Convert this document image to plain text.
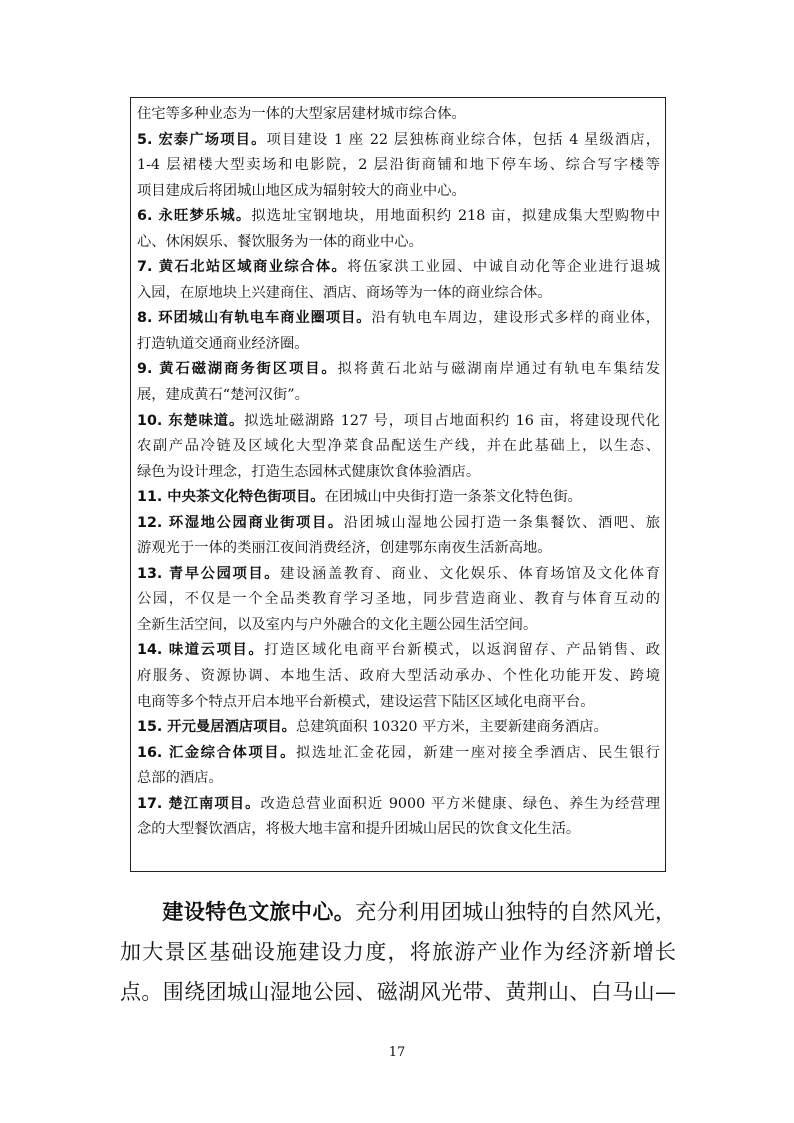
住宅等多种业态为一体的大型家居建材城市综合体。
5. 宏泰广场项目。项目建设 1 座 22 层独栋商业综合体，包括 4 星级酒店，
1-4 层裙楼大型卖场和电影院，2 层沿街商铺和地下停车场、综合写字楼等
项目建成后将团城山地区成为辐射较大的商业中心。
6. 永旺梦乐城。拟选址宝钢地块，用地面积约 218 亩，拟建成集大型购物中
心、休闲娱乐、餐饮服务为一体的商业中心。
7. 黄石北站区域商业综合体。将伍家洪工业园、中诚自动化等企业进行退城
入园，在原地块上兴建商住、酒店、商场等为一体的商业综合体。
8. 环团城山有轨电车商业圈项目。沿有轨电车周边，建设形式多样的商业体，
打造轨道交通商业经济圈。
9. 黄石磁湖商务街区项目。拟将黄石北站与磁湖南岸通过有轨电车集结发
展，建成黄石“楚河汉街”。
10. 东楚味道。拟选址磁湖路 127 号，项目占地面积约 16 亩，将建设现代化
农副产品冷链及区域化大型净菜食品配送生产线，并在此基础上，以生态、
绿色为设计理念，打造生态园林式健康饮食体验酒店。
11. 中央茶文化特色街项目。在团城山中央街打造一条茶文化特色街。
12. 环湿地公园商业街项目。沿团城山湿地公园打造一条集餐饮、酒吧、旅
游观光于一体的类丽江夜间消费经济，创建鄂东南夜生活新高地。
13. 青早公园项目。建设涵盖教育、商业、文化娱乐、体育场馆及文化体育
公园，不仅是一个全品类教育学习圣地，同步营造商业、教育与体育互动的
全新生活空间，以及室内与户外融合的文化主题公园生活空间。
14. 味道云项目。打造区域化电商平台新模式，以返润留存、产品销售、政
府服务、资源协调、本地生活、政府大型活动承办、个性化功能开发、跨境
电商等多个特点开启本地平台新模式，建设运营下陆区区域化电商平台。
15. 开元曼居酒店项目。总建筑面积 10320 平方米，主要新建商务酒店。
16. 汇金综合体项目。拟选址汇金花园，新建一座对接全季酒店、民生银行
总部的酒店。
17. 楚江南项目。改造总营业面积近 9000 平方米健康、绿色、养生为经营理
念的大型餐饮酒店，将极大地丰富和提升团城山居民的饮食文化生活。
建设特色文旅中心。充分利用团城山独特的自然风光，
加大景区基础设施建设力度，将旅游产业作为经济新增长
点。围绕团城山湿地公园、磁湖风光带、黄荆山、白马山—
17
